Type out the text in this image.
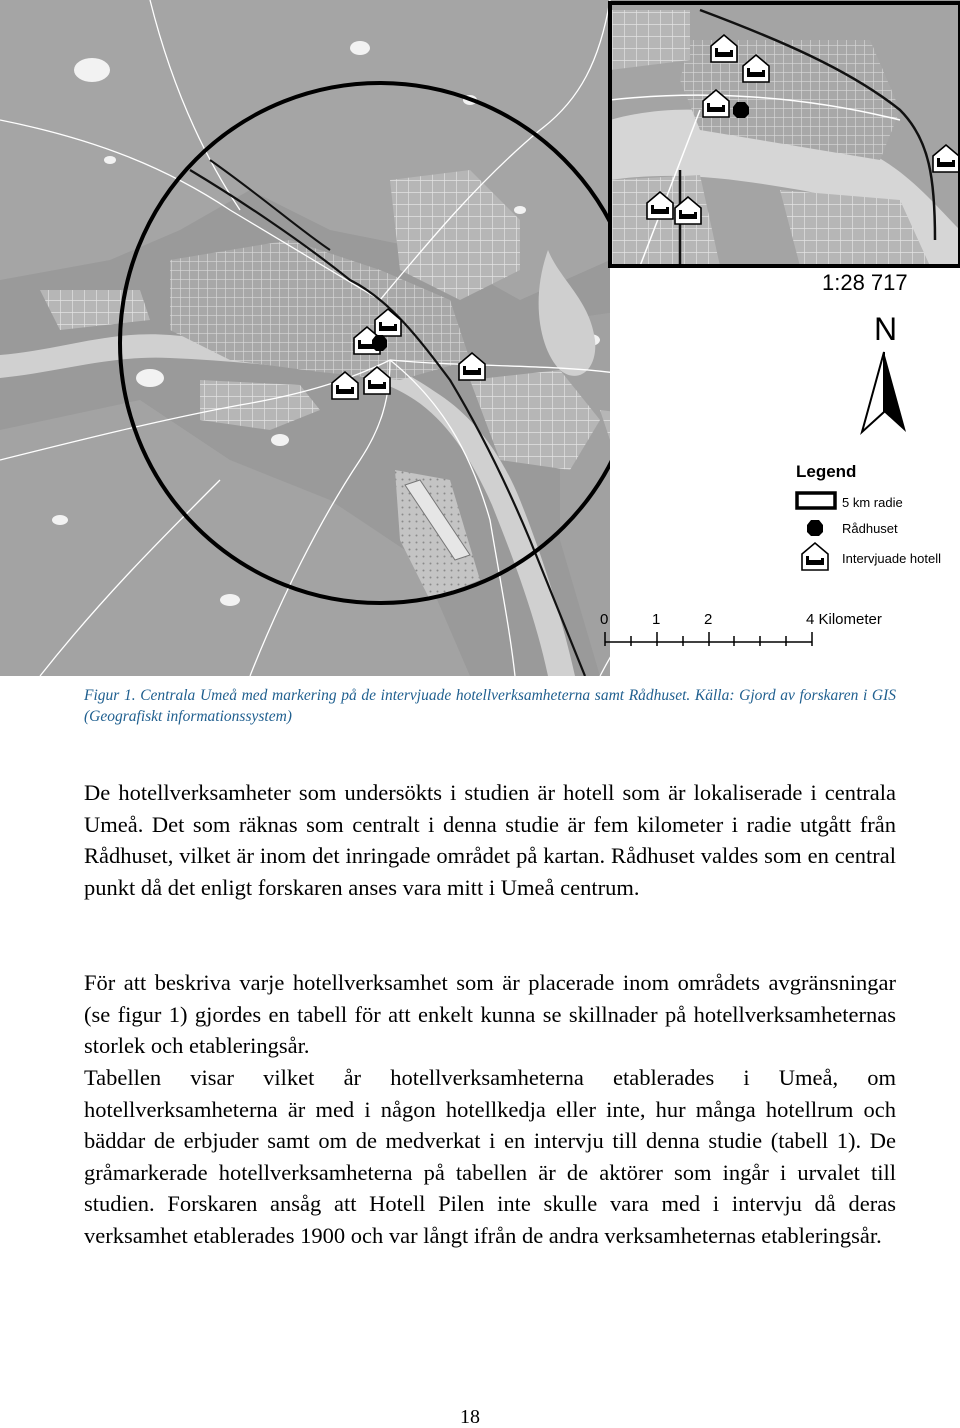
1:28 717
N
Legend
5 km radie
Rådhuset
Intervjuade hotell
0	1	2	4 Kilometer
Figur 1. Centrala Umeå med markering på de intervjuade hotellverksamheterna samt Rådhuset. Källa: Gjord av forskaren i GIS (Geografiskt informationssystem)

De hotellverksamheter som undersökts i studien är hotell som är lokaliserade i centrala Umeå. Det som räknas som centralt i denna studie är fem kilometer i radie utgått från Rådhuset, vilket är inom det inringade området på kartan. Rådhuset valdes som en central punkt då det enligt forskaren anses vara mitt i Umeå centrum.

För att beskriva varje hotellverksamhet som är placerade inom områdets avgränsningar (se figur 1) gjordes en tabell för att enkelt kunna se skillnader på hotellverksamheternas storlek och etableringsår.

Tabellen visar vilket år hotellverksamheterna etablerades i Umeå, om hotellverksamheterna är med i någon hotellkedja eller inte, hur många hotellrum och bäddar de erbjuder samt om de medverkat i en intervju till denna studie (tabell 1). De gråmarkerade hotellverksamheterna på tabellen är de aktörer som ingår i urvalet till studien. Forskaren ansåg att Hotell Pilen inte skulle vara med i intervju då deras verksamhet etablerades 1900 och var långt ifrån de andra verksamheternas etableringsår.

18
